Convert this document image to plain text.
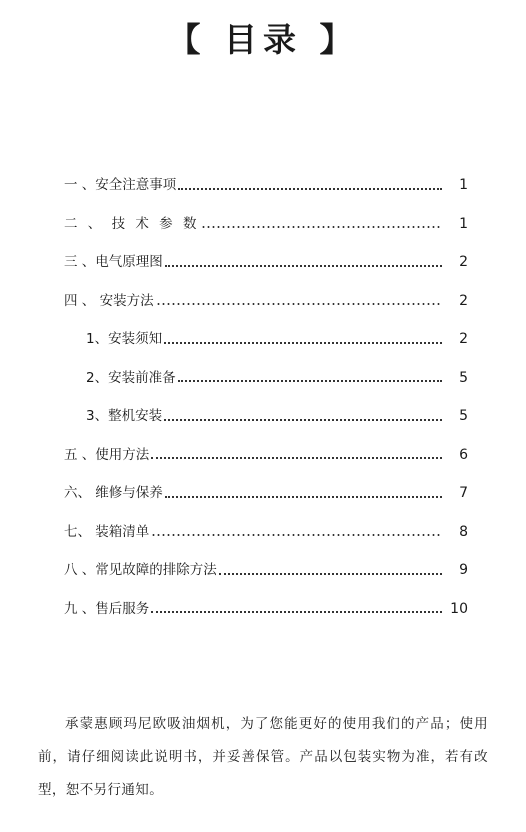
【 目录 】
一 、安全注意事项	1
二 、 技 术 参 数	1
三 、电气原理图	2
四 、 安装方法	2
1、安装须知	2
2、安装前准备	5
3、整机安装	5
五 、使用方法	6
六、 维修与保养	7
七、 装箱清单	8
八 、常见故障的排除方法	9
九 、售后服务	10
承蒙惠顾玛尼欧吸油烟机，为了您能更好的使用我们的产品；使用前，请仔细阅读此说明书，并妥善保管。产品以包装实物为准，若有改型，恕不另行通知。
